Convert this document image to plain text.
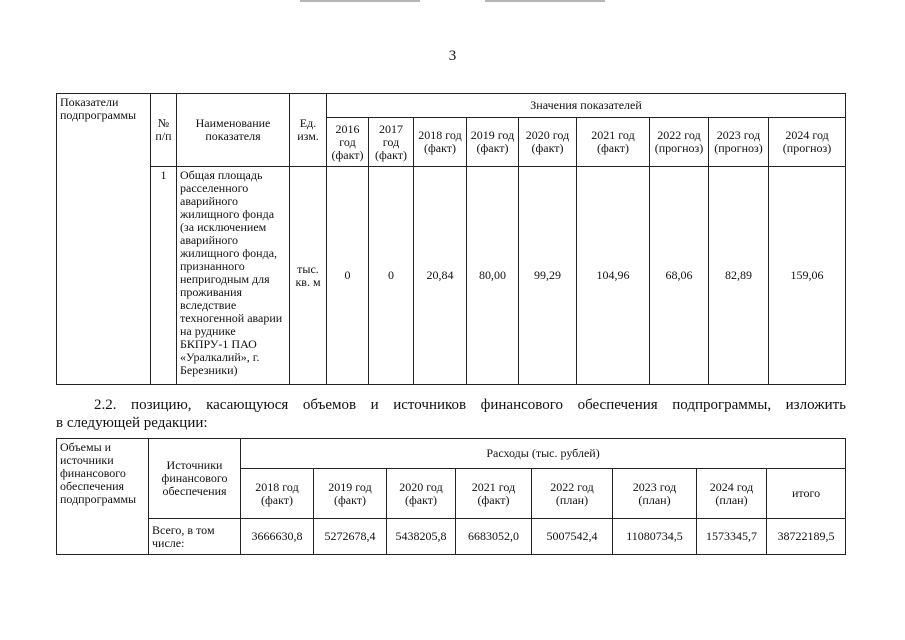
3
Показатели подпрограммы	№ п/п	Наименование показателя	Ед. изм.	Значения показателей								
				2016 год (факт)	2017 год (факт)	2018 год (факт)	2019 год (факт)	2020 год (факт)	2021 год (факт)	2022 год (прогноз)	2023 год (прогноз)	2024 год (прогноз)
	1	Общая площадь расселенного аварийного жилищного фонда (за исключением аварийного жилищного фонда, признанного непригодным для проживания вследствие техногенной аварии на руднике БКПРУ-1 ПАО «Уралкалий», г. Березники)	тыс. кв. м	0	0	20,84	80,00	99,29	104,96	68,06	82,89	159,06
2.2. позицию, касающуюся объемов и источников финансового обеспечения подпрограммы, изложить
в следующей редакции:
Объемы и источники финансового обеспечения подпрограммы	Источники финансового обеспечения	Расходы (тыс. рублей)							
		2018 год (факт)	2019 год (факт)	2020 год (факт)	2021 год (факт)	2022 год (план)	2023 год (план)	2024 год (план)	итого
	Всего, в том числе:	3666630,8	5272678,4	5438205,8	6683052,0	5007542,4	11080734,5	1573345,7	38722189,5
